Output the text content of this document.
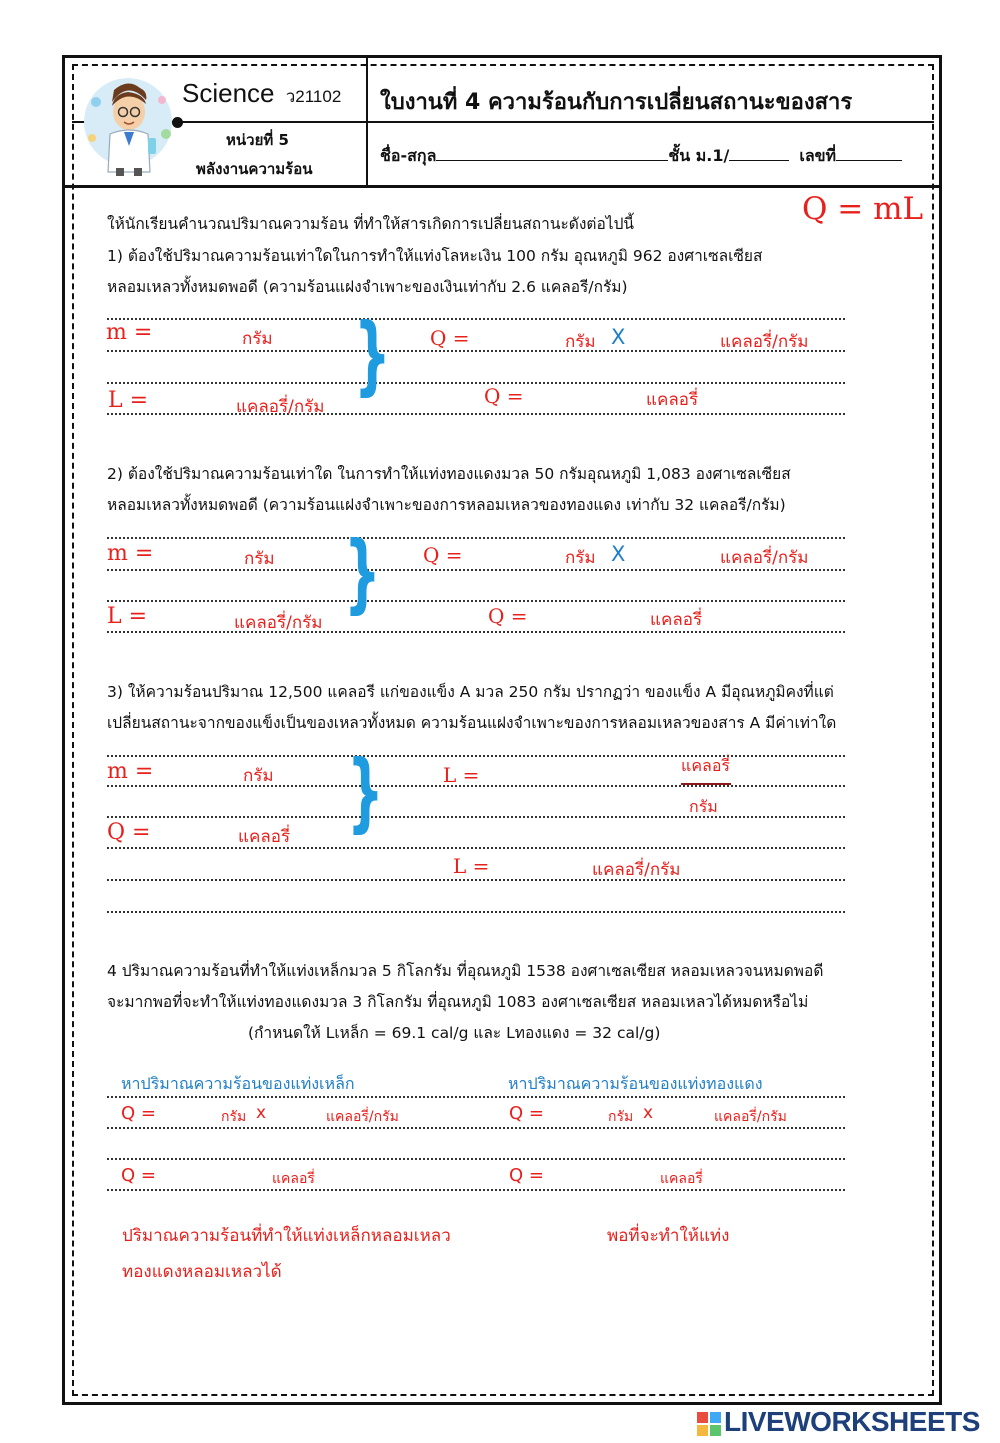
Science ว21102
หน่วยที่ 5
พลังงานความร้อน
ใบงานที่ 4 ความร้อนกับการเปลี่ยนสถานะของสาร
ชื่อ-สกุล	ชั้น ม.1/	เลขที่
Q = mL
ให้นักเรียนคำนวณปริมาณความร้อน ที่ทำให้สารเกิดการเปลี่ยนสถานะดังต่อไปนี้
1) ต้องใช้ปริมาณความร้อนเท่าใดในการทำให้แท่งโลหะเงิน 100 กรัม อุณหภูมิ 962 องศาเซลเซียส
หลอมเหลวทั้งหมดพอดี (ความร้อนแฝงจำเพาะของเงินเท่ากับ 2.6 แคลอรี/กรัม)
m =	กรัม
L =	แคลอรี่/กรัม
} Q =	กรัม X	แคลอรี่/กรัม
Q =	แคลอรี่
2) ต้องใช้ปริมาณความร้อนเท่าใด ในการทำให้แท่งทองแดงมวล 50 กรัมอุณหภูมิ 1,083 องศาเซลเซียส
หลอมเหลวทั้งหมดพอดี (ความร้อนแฝงจำเพาะของการหลอมเหลวของทองแดง เท่ากับ 32 แคลอรี/กรัม)
m =	กรัม
L =	แคลอรี่/กรัม } Q =	กรัม X	แคลอรี่/กรัม
Q =	แคลอรี่
3) ให้ความร้อนปริมาณ 12,500 แคลอรี แก่ของแข็ง A มวล 250 กรัม ปรากฏว่า ของแข็ง A มีอุณหภูมิคงที่แต่
เปลี่ยนสถานะจากของแข็งเป็นของเหลวทั้งหมด ความร้อนแฝงจำเพาะของการหลอมเหลวของสาร A มีค่าเท่าใด
m =	กรัม
Q =	แคลอรี่ }	L =	แคลอรี่
กรัม
L =	แคลอรี่/กรัม
4 ปริมาณความร้อนที่ทำให้แท่งเหล็กมวล 5 กิโลกรัม ที่อุณหภูมิ 1538 องศาเซลเซียส หลอมเหลวจนหมดพอดี
จะมากพอที่จะทำให้แท่งทองแดงมวล 3 กิโลกรัม ที่อุณหภูมิ 1083 องศาเซลเซียส หลอมเหลวได้หมดหรือไม่
(กำหนดให้ Lเหล็ก = 69.1 cal/g และ Lทองแดง = 32 cal/g)
หาปริมาณความร้อนของแท่งเหล็ก	หาปริมาณความร้อนของแท่งทองแดง
Q =	กรัม x	แคลอรี่/กรัม
Q =	แคลอรี่
Q =	กรัม x	แคลอรี่/กรัม
Q =	แคลอรี่
ปริมาณความร้อนที่ทำให้แท่งเหล็กหลอมเหลว	พอที่จะทำให้แท่ง
ทองแดงหลอมเหลวได้
LIVEWORKSHEETS
